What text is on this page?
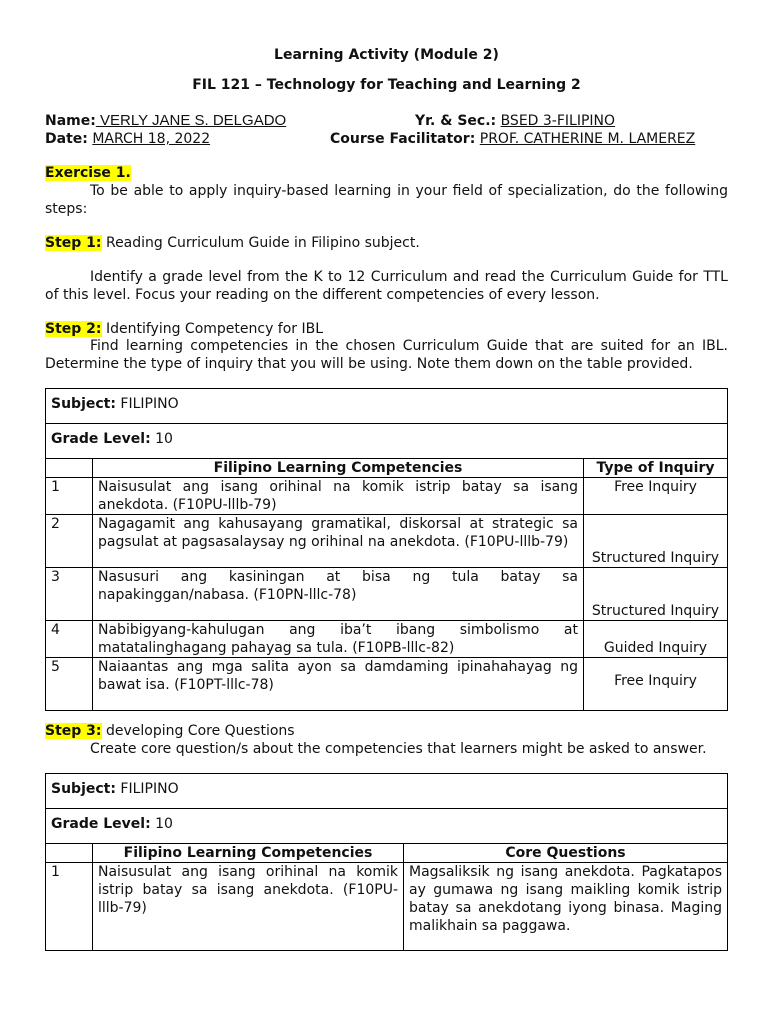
Learning Activity (Module 2)
FIL 121 – Technology for Teaching and Learning 2
Name: VERLY JANE S. DELGADO	Yr. & Sec.: BSED 3-FILIPINO
Date: MARCH 18, 2022	Course Facilitator: PROF. CATHERINE M. LAMEREZ
Exercise 1.
To be able to apply inquiry-based learning in your field of specialization, do the following steps:
Step 1: Reading Curriculum Guide in Filipino subject.
Identify a grade level from the K to 12 Curriculum and read the Curriculum Guide for TTL of this level. Focus your reading on the different competencies of every lesson.
Step 2: Identifying Competency for IBL
Find learning competencies in the chosen Curriculum Guide that are suited for an IBL. Determine the type of inquiry that you will be using. Note them down on the table provided.
Subject: FILIPINO		
Grade Level: 10		
	Filipino Learning Competencies	Type of Inquiry
1	Naisusulat ang isang orihinal na komik istrip batay sa isang anekdota. (F10PU-lllb-79)	Free Inquiry
2	Nagagamit ang kahusayang gramatikal, diskorsal at strategic sa pagsulat at pagsasalaysay ng orihinal na anekdota. (F10PU-lllb-79)	Structured Inquiry
3	Nasusuri ang kasiningan at bisa ng tula batay sa napakinggan/nabasa. (F10PN-lllc-78)	Structured Inquiry
4	Nabibigyang-kahulugan ang iba’t ibang simbolismo at matatalinghagang pahayag sa tula. (F10PB-lllc-82)	Guided Inquiry
5	Naiaantas ang mga salita ayon sa damdaming ipinahahayag ng bawat isa. (F10PT-lllc-78)	Free Inquiry
Step 3: developing Core Questions
Create core question/s about the competencies that learners might be asked to answer.
Subject: FILIPINO		
Grade Level: 10		
	Filipino Learning Competencies	Core Questions
1	Naisusulat ang isang orihinal na komik istrip batay sa isang anekdota. (F10PU-lllb-79)	Magsaliksik ng isang anekdota. Pagkatapos ay gumawa ng isang maikling komik istrip batay sa anekdotang iyong binasa. Maging malikhain sa paggawa.
